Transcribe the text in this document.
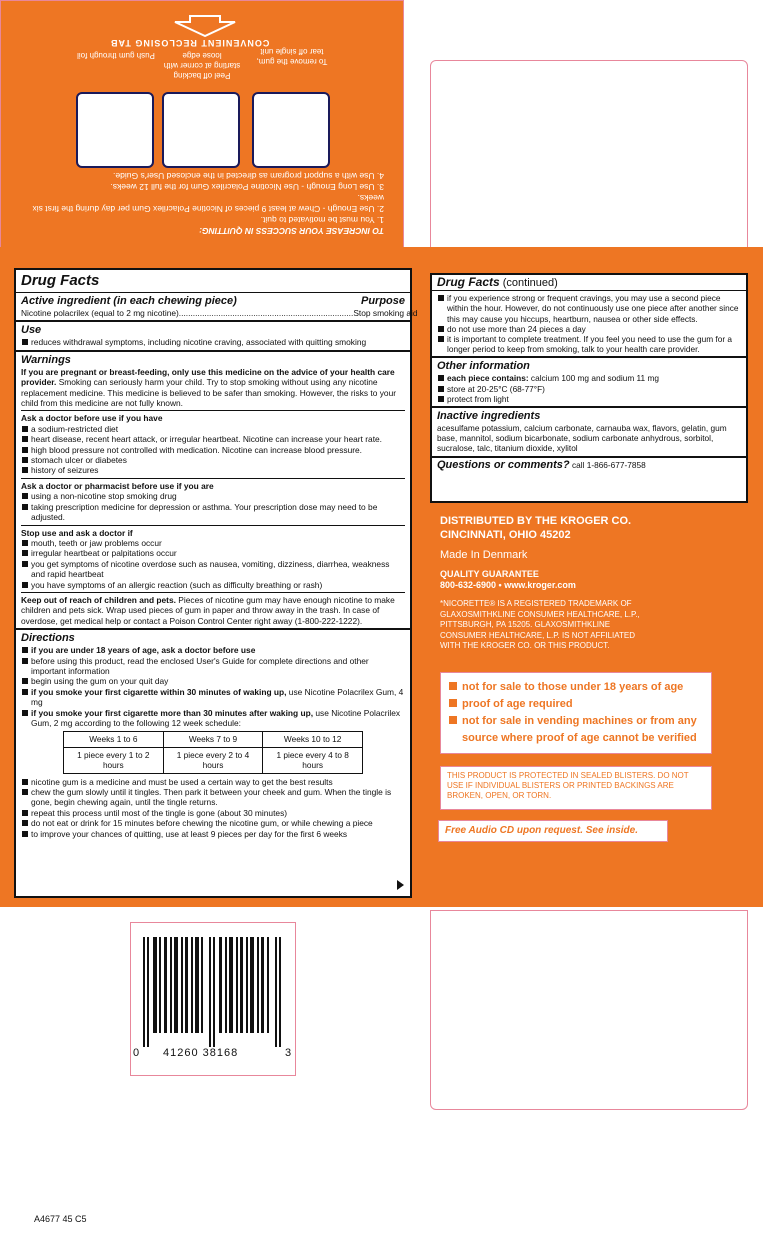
CONVENIENT RECLOSING TAB
Push gum through foil
Peel off backing starting at corner with loose edge
To remove the gum, tear off single unit
TO INCREASE YOUR SUCCESS IN QUITTING:
1. You must be motivated to quit.
2. Use Enough - Chew at least 9 pieces of Nicotine Polacrilex Gum per day during the first six weeks.
3. Use Long Enough - Use Nicotine Polacrilex Gum for the full 12 weeks.
4. Use with a support program as directed in the enclosed User's Guide.
Drug Facts
Active ingredient (in each chewing piece)	Purpose
Nicotine polacrilex (equal to 2 mg nicotine)........................................................................... Stop smoking aid
Use
reduces withdrawal symptoms, including nicotine craving, associated with quitting smoking
Warnings
If you are pregnant or breast-feeding, only use this medicine on the advice of your health care provider. Smoking can seriously harm your child. Try to stop smoking without using any nicotine replacement medicine. This medicine is believed to be safer than smoking. However, the risks to your child from this medicine are not fully known.
Ask a doctor before use if you have
a sodium-restricted diet
heart disease, recent heart attack, or irregular heartbeat. Nicotine can increase your heart rate.
high blood pressure not controlled with medication. Nicotine can increase blood pressure.
stomach ulcer or diabetes
history of seizures
Ask a doctor or pharmacist before use if you are
using a non-nicotine stop smoking drug
taking prescription medicine for depression or asthma. Your prescription dose may need to be adjusted.
Stop use and ask a doctor if
mouth, teeth or jaw problems occur
irregular heartbeat or palpitations occur
you get symptoms of nicotine overdose such as nausea, vomiting, dizziness, diarrhea, weakness and rapid heartbeat
you have symptoms of an allergic reaction (such as difficulty breathing or rash)
Keep out of reach of children and pets. Pieces of nicotine gum may have enough nicotine to make children and pets sick. Wrap used pieces of gum in paper and throw away in the trash. In case of overdose, get medical help or contact a Poison Control Center right away (1-800-222-1222).
Directions
if you are under 18 years of age, ask a doctor before use
before using this product, read the enclosed User's Guide for complete directions and other important information
begin using the gum on your quit day
if you smoke your first cigarette within 30 minutes of waking up, use Nicotine Polacrilex Gum, 4 mg
if you smoke your first cigarette more than 30 minutes after waking up, use Nicotine Polacrilex Gum, 2 mg according to the following 12 week schedule:
Weeks 1 to 6	Weeks 7 to 9	Weeks 10 to 12
1 piece every 1 to 2 hours	1 piece every 2 to 4 hours	1 piece every 4 to 8 hours
nicotine gum is a medicine and must be used a certain way to get the best results
chew the gum slowly until it tingles. Then park it between your cheek and gum. When the tingle is gone, begin chewing again, until the tingle returns.
repeat this process until most of the tingle is gone (about 30 minutes)
do not eat or drink for 15 minutes before chewing the nicotine gum, or while chewing a piece
to improve your chances of quitting, use at least 9 pieces per day for the first 6 weeks
Drug Facts (continued)
if you experience strong or frequent cravings, you may use a second piece within the hour. However, do not continuously use one piece after another since this may cause you hiccups, heartburn, nausea or other side effects.
do not use more than 24 pieces a day
it is important to complete treatment. If you feel you need to use the gum for a longer period to keep from smoking, talk to your health care provider.
Other information
each piece contains: calcium 100 mg and sodium 11 mg
store at 20-25°C (68-77°F)
protect from light
Inactive ingredients
acesulfame potassium, calcium carbonate, carnauba wax, flavors, gelatin, gum base, mannitol, sodium bicarbonate, sodium carbonate anhydrous, sorbitol, sucralose, talc, titanium dioxide, xylitol
Questions or comments? call 1-866-677-7858
DISTRIBUTED BY THE KROGER CO.
CINCINNATI, OHIO 45202
Made In Denmark
QUALITY GUARANTEE
800-632-6900 • www.kroger.com
*NICORETTE® IS A REGISTERED TRADEMARK OF GLAXOSMITHKLINE CONSUMER HEALTHCARE, L.P., PITTSBURGH, PA 15205. GLAXOSMITHKLINE CONSUMER HEALTHCARE, L.P. IS NOT AFFILIATED WITH THE KROGER CO. OR THIS PRODUCT.
not for sale to those under 18 years of age
proof of age required
not for sale in vending machines or from any source where proof of age cannot be verified
THIS PRODUCT IS PROTECTED IN SEALED BLISTERS. DO NOT USE IF INDIVIDUAL BLISTERS OR PRINTED BACKINGS ARE BROKEN, OPEN, OR TORN.
Free Audio CD upon request. See inside.
0 41260 38168	3
A4677 45 C5
